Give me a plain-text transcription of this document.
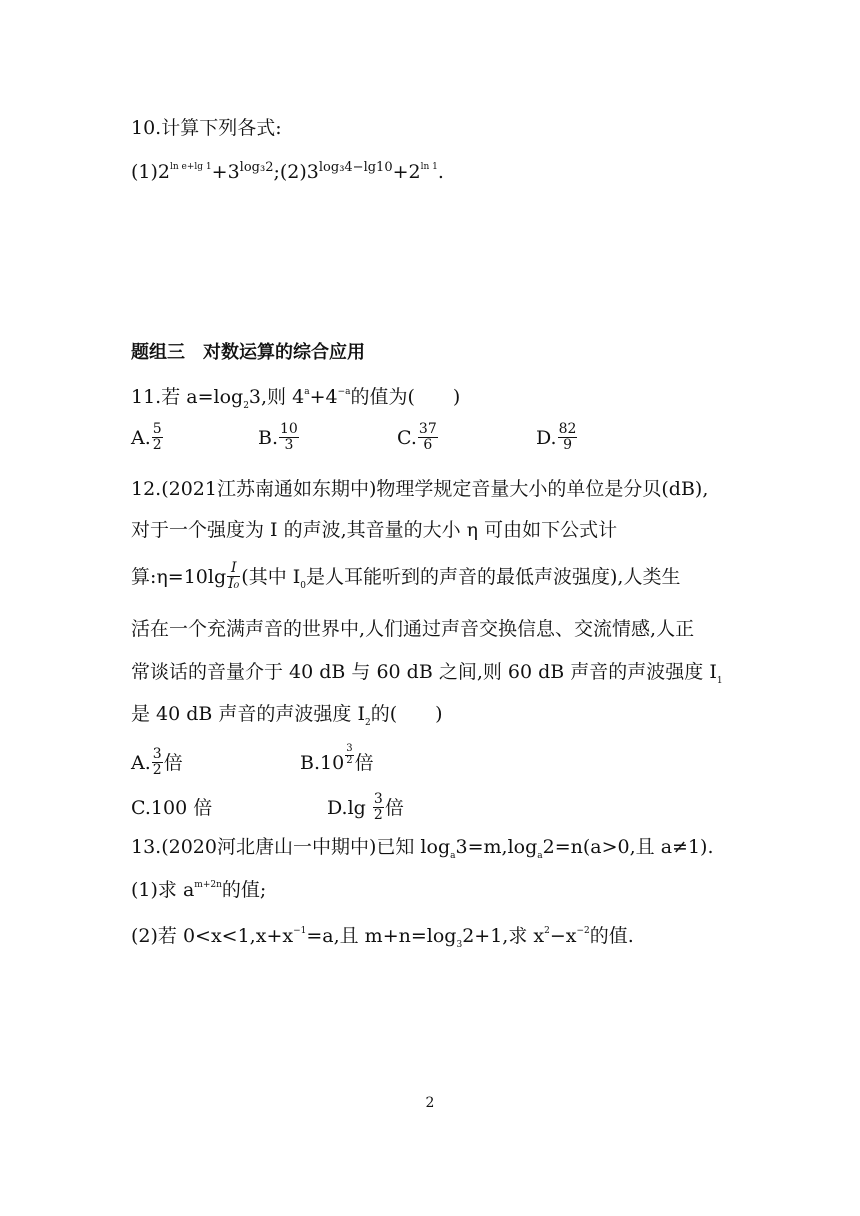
10.计算下列各式:
$(1)2^{ln e+lg 1}+3^{log_32};(2)3^{log_34-lg10}+2^{ln 1}$.
题组三　对数运算的综合应用
11.若 $a=\log_23$,则 $4^a+4^{-a}$的值为(　　)
A. $\frac{5}{2}$	B. $\frac{10}{3}$	C. $\frac{37}{6}$	D. $\frac{82}{9}$
12.(2021江苏南通如东期中)物理学规定音量大小的单位是分贝(dB),
对于一个强度为 I 的声波,其音量的大小 η 可由如下公式计
算:η=10lg $\frac{I}{\text{I₀}}$ (其中 $I_0$是人耳能听到的声音的最低声波强度),人类生
活在一个充满声音的世界中,人们通过声音交换信息、交流情感,人正
常谈话的音量介于 40 dB 与 60 dB 之间,则 60 dB 声音的声波强度 $I_1$
是 40 dB 声音的声波强度 $I_2$的(　　)
A. $\frac{3}{2}$ 倍	$B.10 \frac{3}{2}$ 倍
C.100 倍	$D.\lg \frac{3}{2}$ 倍
13.(2020河北唐山一中期中)已知 $\log_a3=m,\log_a2=n(a>0$,且 a≠1).
(1)求 $a^{m+2n}$的值;
(2)若 $0<x<1,x+x^{-1}=a$,且 $m+n=\log_32+1$,求 $x^2-x^{-2}$的值.
2
